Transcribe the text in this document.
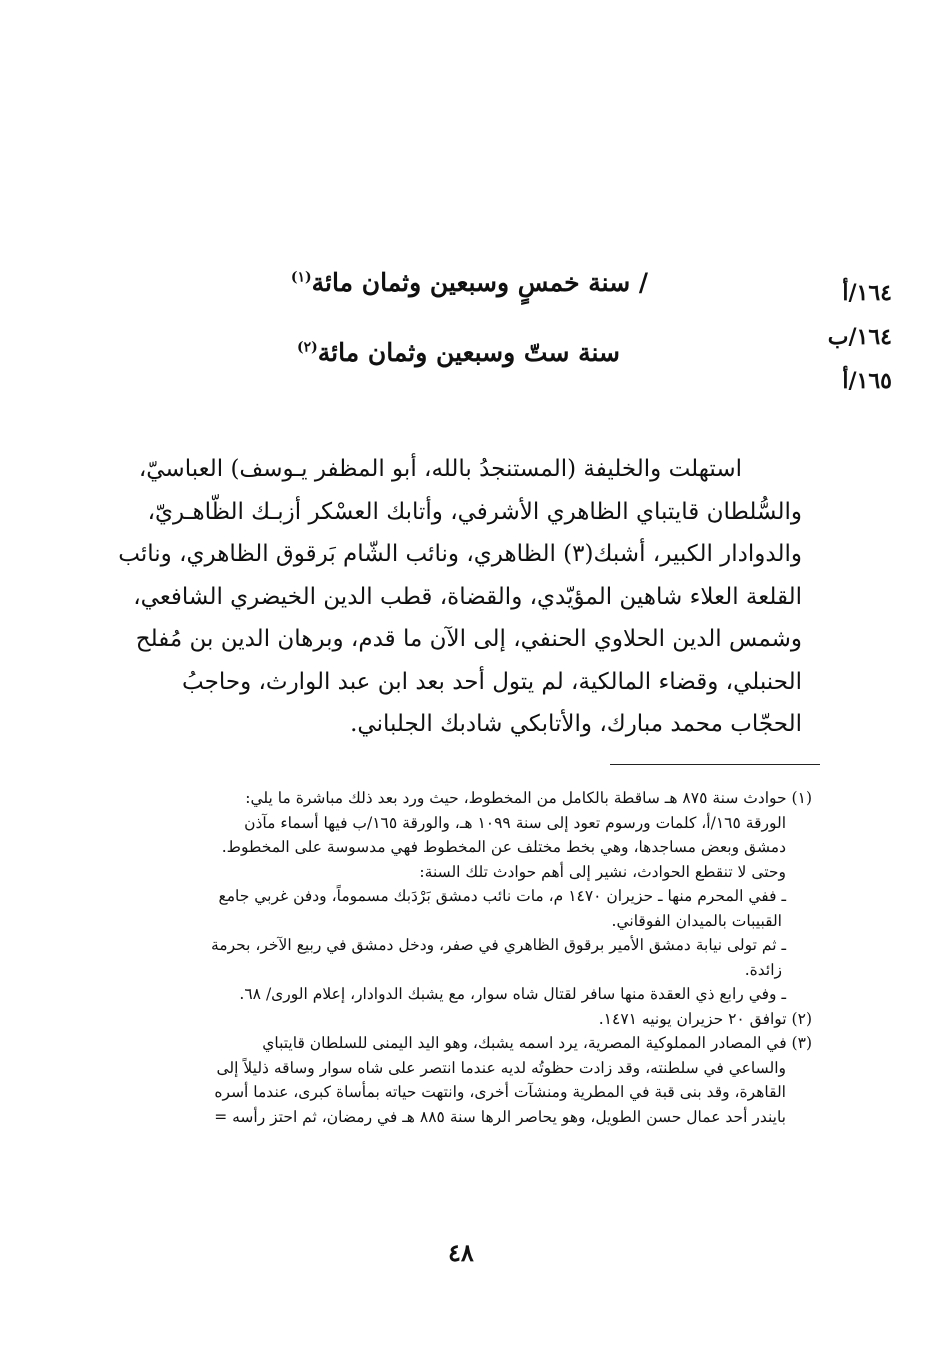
١٦٤/أ
١٦٤/ب
١٦٥/أ
/ سنة خمسٍ وسبعين وثمان مائة$^{(١)}$
سنة ستّ وسبعين وثمان مائة$^{(٢)}$
استهلت والخليفة (المستنجدُ بالله، أبو المظفر يـوسف) العباسيّ،
والسُّلطان قايتباي الظاهري الأشرفي، وأتابك العسْكر أزبـك الظّاهـريّ،
والدوادار الكبير، أشبك(٣) الظاهري، ونائب الشّام بَرقوق الظاهري، ونائب
القلعة العلاء شاهين المؤيّدي، والقضاة، قطب الدين الخيضري الشافعي،
وشمس الدين الحلاوي الحنفي، إلى الآن ما قدم، وبرهان الدين بن مُفلح
الحنبلي، وقضاء المالكية، لم يتول أحد بعد ابن عبد الوارث، وحاجبُ
الحجّاب محمد مبارك، والأتابكي شادبك الجلباني.
(١) حوادث سنة ٨٧٥ هـ ساقطة بالكامل من المخطوط، حيث ورد بعد ذلك مباشرة ما يلي:
الورقة ١٦٥/أ، كلمات ورسوم تعود إلى سنة ١٠٩٩ هـ، والورقة ١٦٥/ب فيها أسماء مآذن
دمشق وبعض مساجدها، وهي بخط مختلف عن المخطوط فهي مدسوسة على المخطوط.
وحتى لا تنقطع الحوادث، نشير إلى أهم حوادث تلك السنة:
ـ ففي المحرم منها ـ حزيران ١٤٧٠ م، مات نائب دمشق بَرْدَبك مسموماً، ودفن غربي جامع
القبيبات بالميدان الفوقاني.
ـ ثم تولى نيابة دمشق الأمير برقوق الظاهري في صفر، ودخل دمشق في ربيع الآخر، بحرمة
زائدة.
ـ وفي رابع ذي العقدة منها سافر لقتال شاه سوار، مع يشبك الدوادار، إعلام الورى/ ٦٨.
(٢) توافق ٢٠ حزيران يونيه ١٤٧١.
(٣) في المصادر المملوكية المصرية، يرد اسمه يشبك، وهو اليد اليمنى للسلطان قايتباي
والساعي في سلطنته، وقد زادت حظوتُه لديه عندما انتصر على شاه سوار وساقه ذليلاً إلى
القاهرة، وقد بنى قبة في المطرية ومنشآت أخرى، وانتهت حياته بمأساة كبرى، عندما أسره
بايندر أحد عمال حسن الطويل، وهو يحاصر الرها سنة ٨٨٥ هـ في رمضان، ثم احتز رأسه =
٤٨
